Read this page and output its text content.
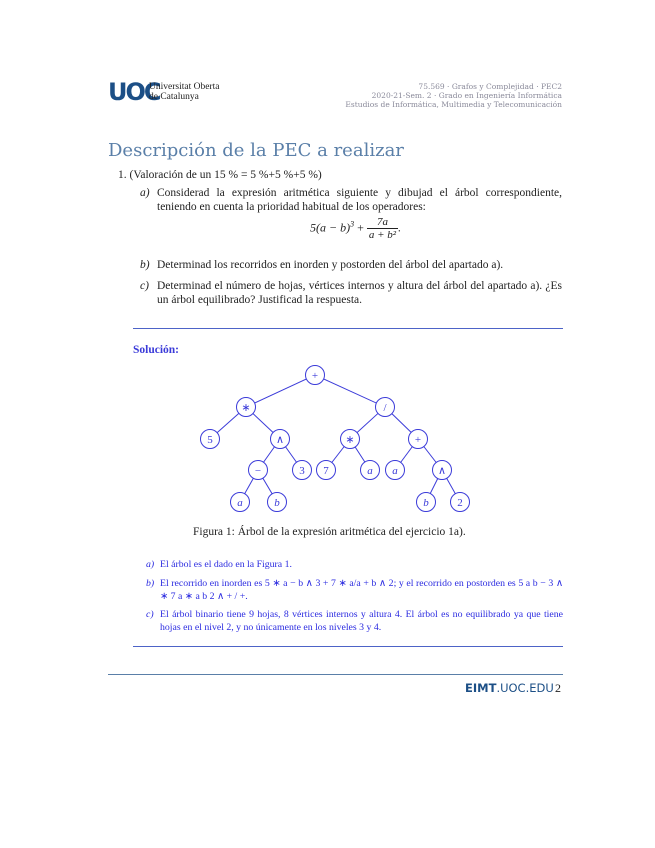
UOC
Universitat Oberta
de Catalunya
75.569 · Grafos y Complejidad · PEC2
2020-21-Sem. 2 · Grado en Ingeniería Informática
Estudios de Informática, Multimedia y Telecomunicación
Descripción de la PEC a realizar
1. (Valoración de un 15 % = 5 %+5 %+5 %)
a) Considerad la expresión aritmética siguiente y dibujad el árbol correspondiente, teniendo en cuenta la prioridad habitual de los operadores:
$5(a - b)^3 + \frac{7a}{\text{a + b²}}$ .
b) Determinad los recorridos en inorden y postorden del árbol del apartado a).
c) Determinad el número de hojas, vértices internos y altura del árbol del apartado a). ¿Es un árbol equilibrado? Justificad la respuesta.
Solución:
+
∗	/
5	∧	∗	+
−	3 7	a a	∧
a	b	b	2
Figura 1: Árbol de la expresión aritmética del ejercicio 1a).
a) El árbol es el dado en la Figura 1.
b) El recorrido en inorden es 5 ∗ a − b ∧ 3 + 7 ∗ a/a + b ∧ 2; y el recorrido en postorden es 5 a b − 3 ∧ ∗ 7 a ∗ a b 2 ∧ + / +.
c) El árbol binario tiene 9 hojas, 8 vértices internos y altura 4. El árbol es no equilibrado ya que tiene hojas en el nivel 2, y no únicamente en los niveles 3 y 4.
EIMT.UOC.EDU 2
